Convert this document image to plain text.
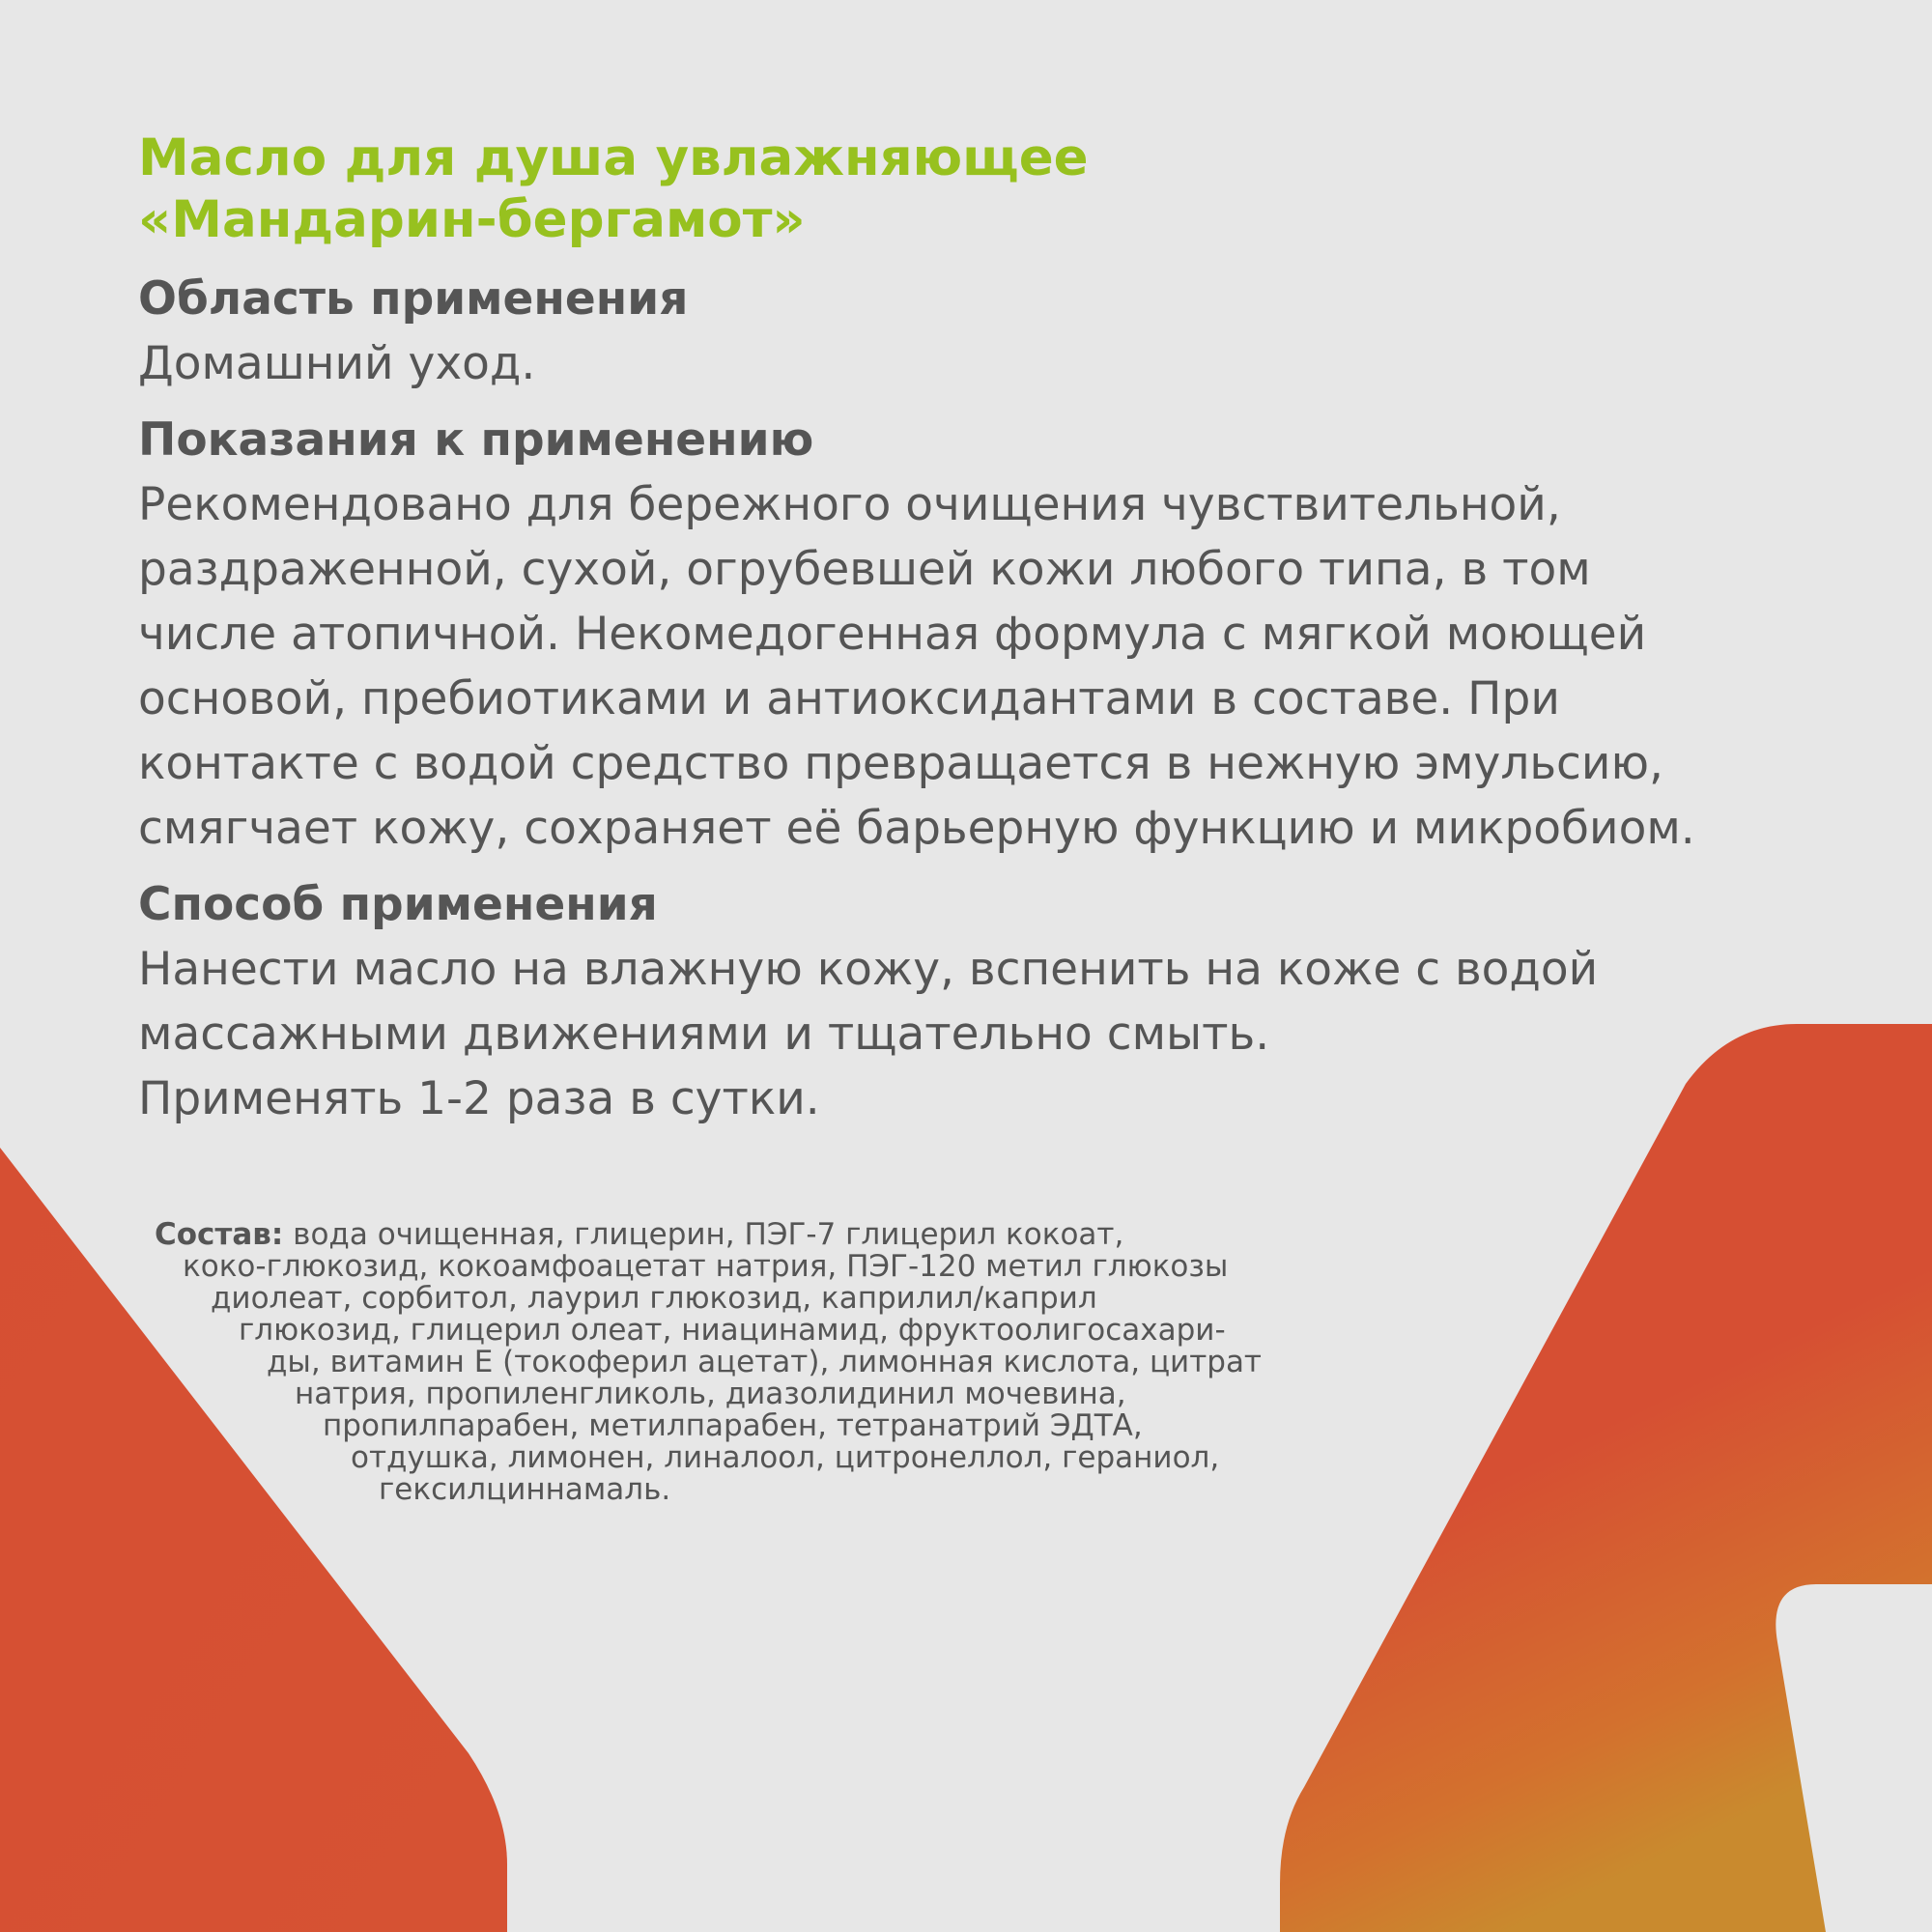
Масло для душа увлажняющее
«Мандарин-бергамот»
Область применения

Домашний уход.

Показания к применению

Рекомендовано для бережного очищения чувствительной,
раздраженной, сухой, огрубевшей кожи любого типа, в том
числе атопичной. Некомедогенная формула с мягкой моющей
основой, пребиотиками и антиоксидантами в составе. При
контакте с водой средство превращается в нежную эмульсию,
смягчает кожу, сохраняет её барьерную функцию и микробиом.

Способ применения

Нанести масло на влажную кожу, вспенить на коже с водой
массажными движениями и тщательно смыть.
Применять 1-2 раза в сутки.

Состав: вода очищенная, глицерин, ПЭГ-7 глицерил кокоат,
коко-глюкозид, кокоамфоацетат натрия, ПЭГ-120 метил глюкозы
диолеат, сорбитол, лаурил глюкозид, каприлил/каприл
глюкозид, глицерил олеат, ниацинамид, фруктоолигосахари-
ды, витамин Е (токоферил ацетат), лимонная кислота, цитрат
натрия, пропиленгликоль, диазолидинил мочевина,
пропилпарабен, метилпарабен, тетранатрий ЭДТА,
отдушка, лимонен, линалоол, цитронеллол, гераниол,
гексилциннамаль.
